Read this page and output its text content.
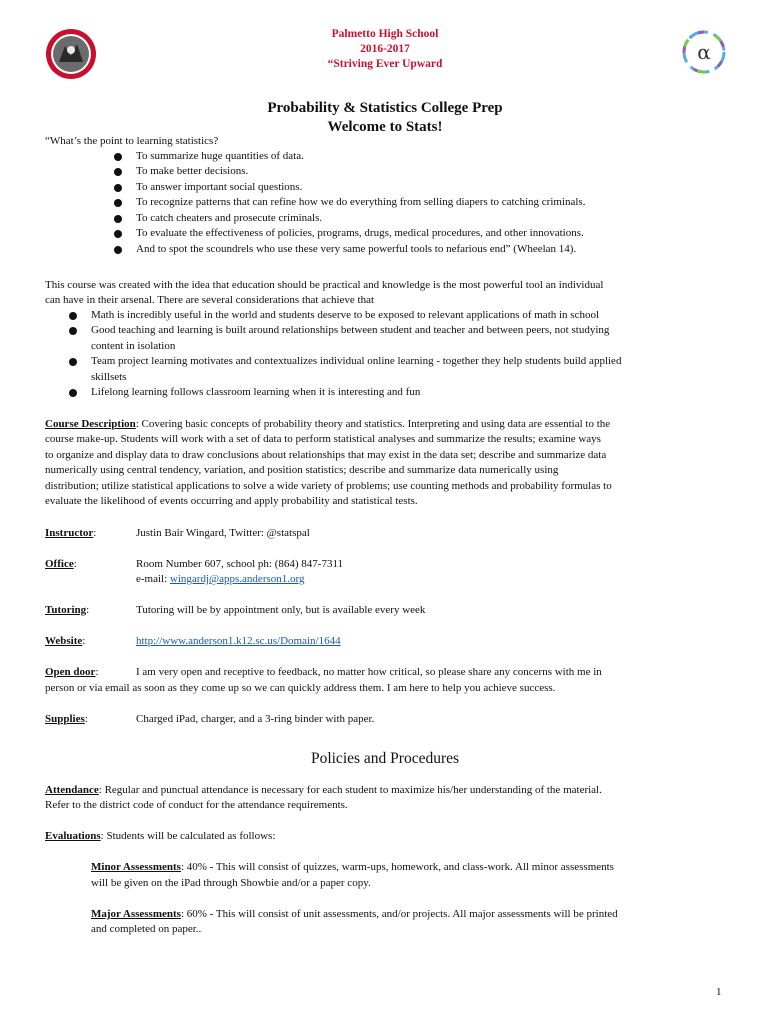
α
Palmetto High School
2016-2017
“Striving Ever Upward
Probability & Statistics College Prep
Welcome to Stats!
“What’s the point to learning statistics?
To summarize huge quantities of data.
To make better decisions.
To answer important social questions.
To recognize patterns that can refine how we do everything from selling diapers to catching criminals.
To catch cheaters and prosecute criminals.
To evaluate the effectiveness of policies, programs, drugs, medical procedures, and other innovations.
And to spot the scoundrels who use these very same powerful tools to nefarious end” (Wheelan 14).
This course was created with the idea that education should be practical and knowledge is the most powerful tool an individual
can have in their arsenal. There are several considerations that achieve that
Math is incredibly useful in the world and students deserve to be exposed to relevant applications of math in school
Good teaching and learning is built around relationships between student and teacher and between peers, not studying
content in isolation
Team project learning motivates and contextualizes individual online learning - together they help students build applied
skillsets
Lifelong learning follows classroom learning when it is interesting and fun
Course Description: Covering basic concepts of probability theory and statistics. Interpreting and using data are essential to the
course make-up. Students will work with a set of data to perform statistical analyses and summarize the results; examine ways
to organize and display data to draw conclusions about relationships that may exist in the data set; describe and summarize data
numerically using central tendency, variation, and position statistics; describe and summarize data numerically using
distribution; utilize statistical applications to solve a wide variety of problems; use counting methods and probability formulas to
evaluate the likelihood of events occurring and apply probability and statistical tests.
Instructor:	Justin Bair Wingard, Twitter: @statspal
Office:	Room Number 607, school ph: (864) 847-7311
e-mail: wingardj@apps.anderson1.org
Tutoring:	Tutoring will be by appointment only, but is available every week
Website:	http://www.anderson1.k12.sc.us/Domain/1644
Open door:	I am very open and receptive to feedback, no matter how critical, so please share any concerns with me in
person or via email as soon as they come up so we can quickly address them. I am here to help you achieve success.
Supplies:	Charged iPad, charger, and a 3-ring binder with paper.
Policies and Procedures
Attendance: Regular and punctual attendance is necessary for each student to maximize his/her understanding of the material.
Refer to the district code of conduct for the attendance requirements.
Evaluations: Students will be calculated as follows:
Minor Assessments: 40% - This will consist of quizzes, warm-ups, homework, and class-work. All minor assessments
will be given on the iPad through Showbie and/or a paper copy.
Major Assessments: 60% - This will consist of unit assessments, and/or projects. All major assessments will be printed
and completed on paper..
1
